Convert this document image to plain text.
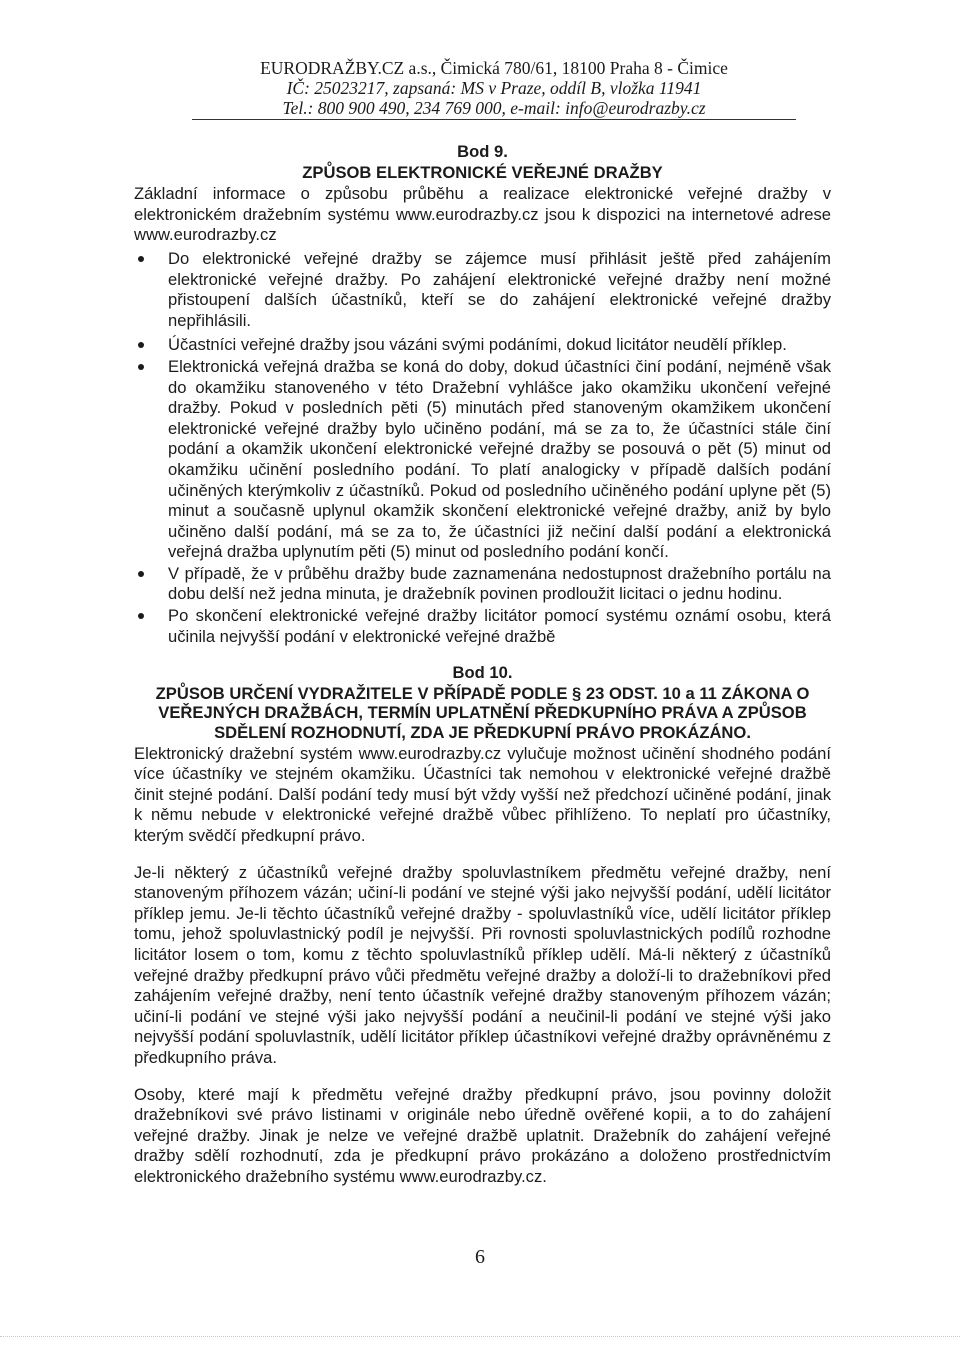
EURODRAŽBY.CZ a.s., Čimická 780/61, 18100 Praha 8 - Čimice
IČ: 25023217, zapsaná: MS v Praze, oddíl B, vložka 11941
Tel.: 800 900 490, 234 769 000, e-mail: info@eurodrazby.cz
Bod 9.
ZPŮSOB ELEKTRONICKÉ VEŘEJNÉ DRAŽBY

Základní informace o způsobu průběhu a realizace elektronické veřejné dražby v elektronickém dražebním systému www.eurodrazby.cz jsou k dispozici na internetové adrese www.eurodrazby.cz

Do elektronické veřejné dražby se zájemce musí přihlásit ještě před zahájením elektronické veřejné dražby. Po zahájení elektronické veřejné dražby není možné přistoupení dalších účastníků, kteří se do zahájení elektronické veřejné dražby nepřihlásili.
Účastníci veřejné dražby jsou vázáni svými podáními, dokud licitátor neudělí příklep.
Elektronická veřejná dražba se koná do doby, dokud účastníci činí podání, nejméně však do okamžiku stanoveného v této Dražební vyhlášce jako okamžiku ukončení veřejné dražby. Pokud v posledních pěti (5) minutách před stanoveným okamžikem ukončení elektronické veřejné dražby bylo učiněno podání, má se za to, že účastníci stále činí podání a okamžik ukončení elektronické veřejné dražby se posouvá o pět (5) minut od okamžiku učinění posledního podání. To platí analogicky v případě dalších podání učiněných kterýmkoliv z účastníků. Pokud od posledního učiněného podání uplyne pět (5) minut a současně uplynul okamžik skončení elektronické veřejné dražby, aniž by bylo učiněno další podání, má se za to, že účastníci již nečiní další podání a elektronická veřejná dražba uplynutím pěti (5) minut od posledního podání končí.
V případě, že v průběhu dražby bude zaznamenána nedostupnost dražebního portálu na dobu delší než jedna minuta, je dražebník povinen prodloužit licitaci o jednu hodinu.
Po skončení elektronické veřejné dražby licitátor pomocí systému oznámí osobu, která učinila nejvyšší podání v elektronické veřejné dražbě
Bod 10.
ZPŮSOB URČENÍ VYDRAŽITELE V PŘÍPADĚ PODLE § 23 ODST. 10 a 11 ZÁKONA O VEŘEJNÝCH DRAŽBÁCH, TERMÍN UPLATNĚNÍ PŘEDKUPNÍHO PRÁVA A ZPŮSOB SDĚLENÍ ROZHODNUTÍ, ZDA JE PŘEDKUPNÍ PRÁVO PROKÁZÁNO.

Elektronický dražební systém www.eurodrazby.cz vylučuje možnost učinění shodného podání více účastníky ve stejném okamžiku. Účastníci tak nemohou v elektronické veřejné dražbě činit stejné podání. Další podání tedy musí být vždy vyšší než předchozí učiněné podání, jinak k němu nebude v elektronické veřejné dražbě vůbec přihlíženo. To neplatí pro účastníky, kterým svědčí předkupní právo.

Je-li některý z účastníků veřejné dražby spoluvlastníkem předmětu veřejné dražby, není stanoveným příhozem vázán; učiní-li podání ve stejné výši jako nejvyšší podání, udělí licitátor příklep jemu. Je-li těchto účastníků veřejné dražby - spoluvlastníků více, udělí licitátor příklep tomu, jehož spoluvlastnický podíl je nejvyšší. Při rovnosti spoluvlastnických podílů rozhodne licitátor losem o tom, komu z těchto spoluvlastníků příklep udělí. Má-li některý z účastníků veřejné dražby předkupní právo vůči předmětu veřejné dražby a doloží-li to dražebníkovi před zahájením veřejné dražby, není tento účastník veřejné dražby stanoveným příhozem vázán; učiní-li podání ve stejné výši jako nejvyšší podání a neučinil-li podání ve stejné výši jako nejvyšší podání spoluvlastník, udělí licitátor příklep účastníkovi veřejné dražby oprávněnému z předkupního práva.

Osoby, které mají k předmětu veřejné dražby předkupní právo, jsou povinny doložit dražebníkovi své právo listinami v originále nebo úředně ověřené kopii, a to do zahájení veřejné dražby. Jinak je nelze ve veřejné dražbě uplatnit. Dražebník do zahájení veřejné dražby sdělí rozhodnutí, zda je předkupní právo prokázáno a doloženo prostřednictvím elektronického dražebního systému www.eurodrazby.cz.

6
